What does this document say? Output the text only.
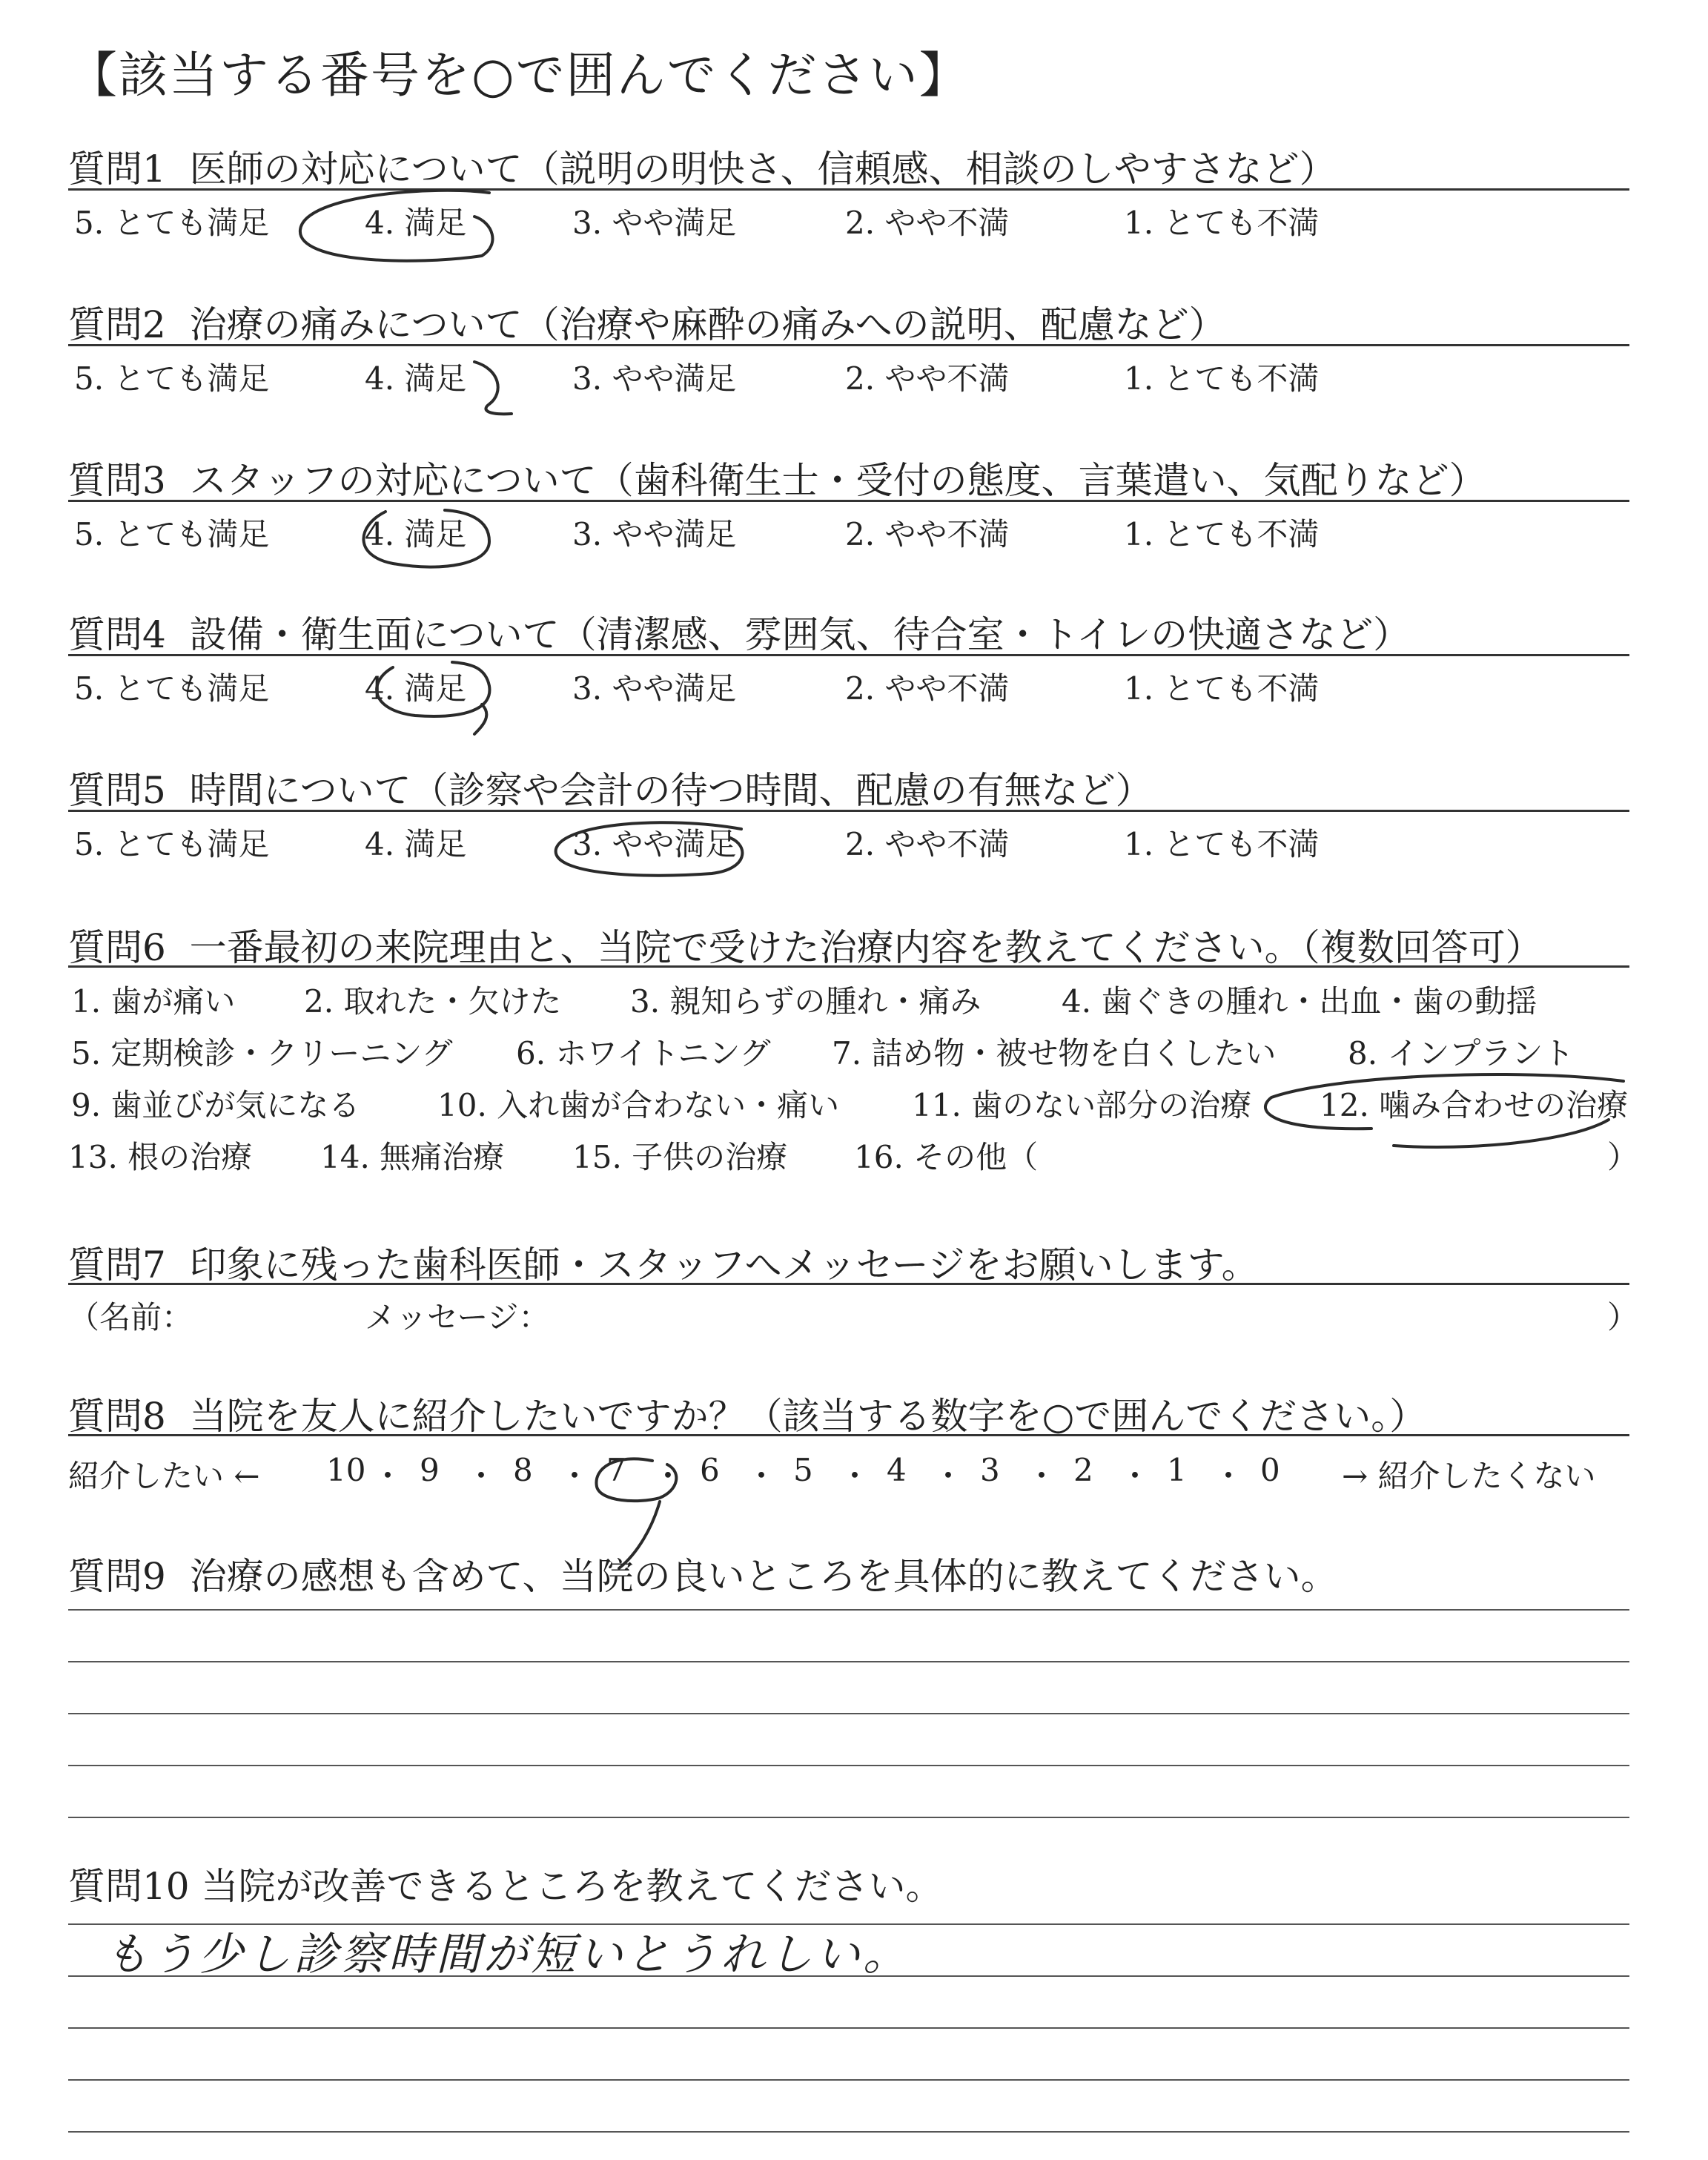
【該当する番号を○で囲んでください】
質問1 医師の対応について（説明の明快さ、信頼感、相談のしやすさなど）
5. とても満足	4. 満足	3. やや満足	2. やや不満	1. とても不満
質問2 治療の痛みについて（治療や麻酔の痛みへの説明、配慮など）
5. とても満足	4. 満足	3. やや満足	2. やや不満	1. とても不満
質問3 スタッフの対応について（歯科衛生士・受付の態度、言葉遣い、気配りなど）
5. とても満足	4. 満足	3. やや満足	2. やや不満	1. とても不満
質問4 設備・衛生面について（清潔感、雰囲気、待合室・トイレの快適さなど）
5. とても満足	4. 満足	3. やや満足	2. やや不満	1. とても不満
質問5 時間について（診察や会計の待つ時間、配慮の有無など）
5. とても満足	4. 満足	3. やや満足	2. やや不満	1. とても不満
質問6 一番最初の来院理由と、当院で受けた治療内容を教えてください。（複数回答可）
1. 歯が痛い 2. 取れた・欠けた 3. 親知らずの腫れ・痛み	4. 歯ぐきの腫れ・出血・歯の動揺
5. 定期検診・クリーニング 6. ホワイトニング 7. 詰め物・被せ物を白くしたい 8. インプラント
9. 歯並びが気になる 10. 入れ歯が合わない・痛い 11. 歯のない部分の治療 12. 噛み合わせの治療
13. 根の治療 14. 無痛治療 15. 子供の治療 16. その他（	）
質問7 印象に残った歯科医師・スタッフへメッセージをお願いします。
（名前：	メッセージ：	）
質問8 当院を友人に紹介したいですか？（該当する数字を○で囲んでください。）
紹介したい ← 10 ・ 9 ・ 8 ・ 7 ・ 6 ・ 5 ・ 4 ・ 3 ・ 2 ・ 1 ・ 0 → 紹介したくない
質問9 治療の感想も含めて、当院の良いところを具体的に教えてください。
質問10 当院が改善できるところを教えてください。
もう少し診察時間が短いとうれしい。
